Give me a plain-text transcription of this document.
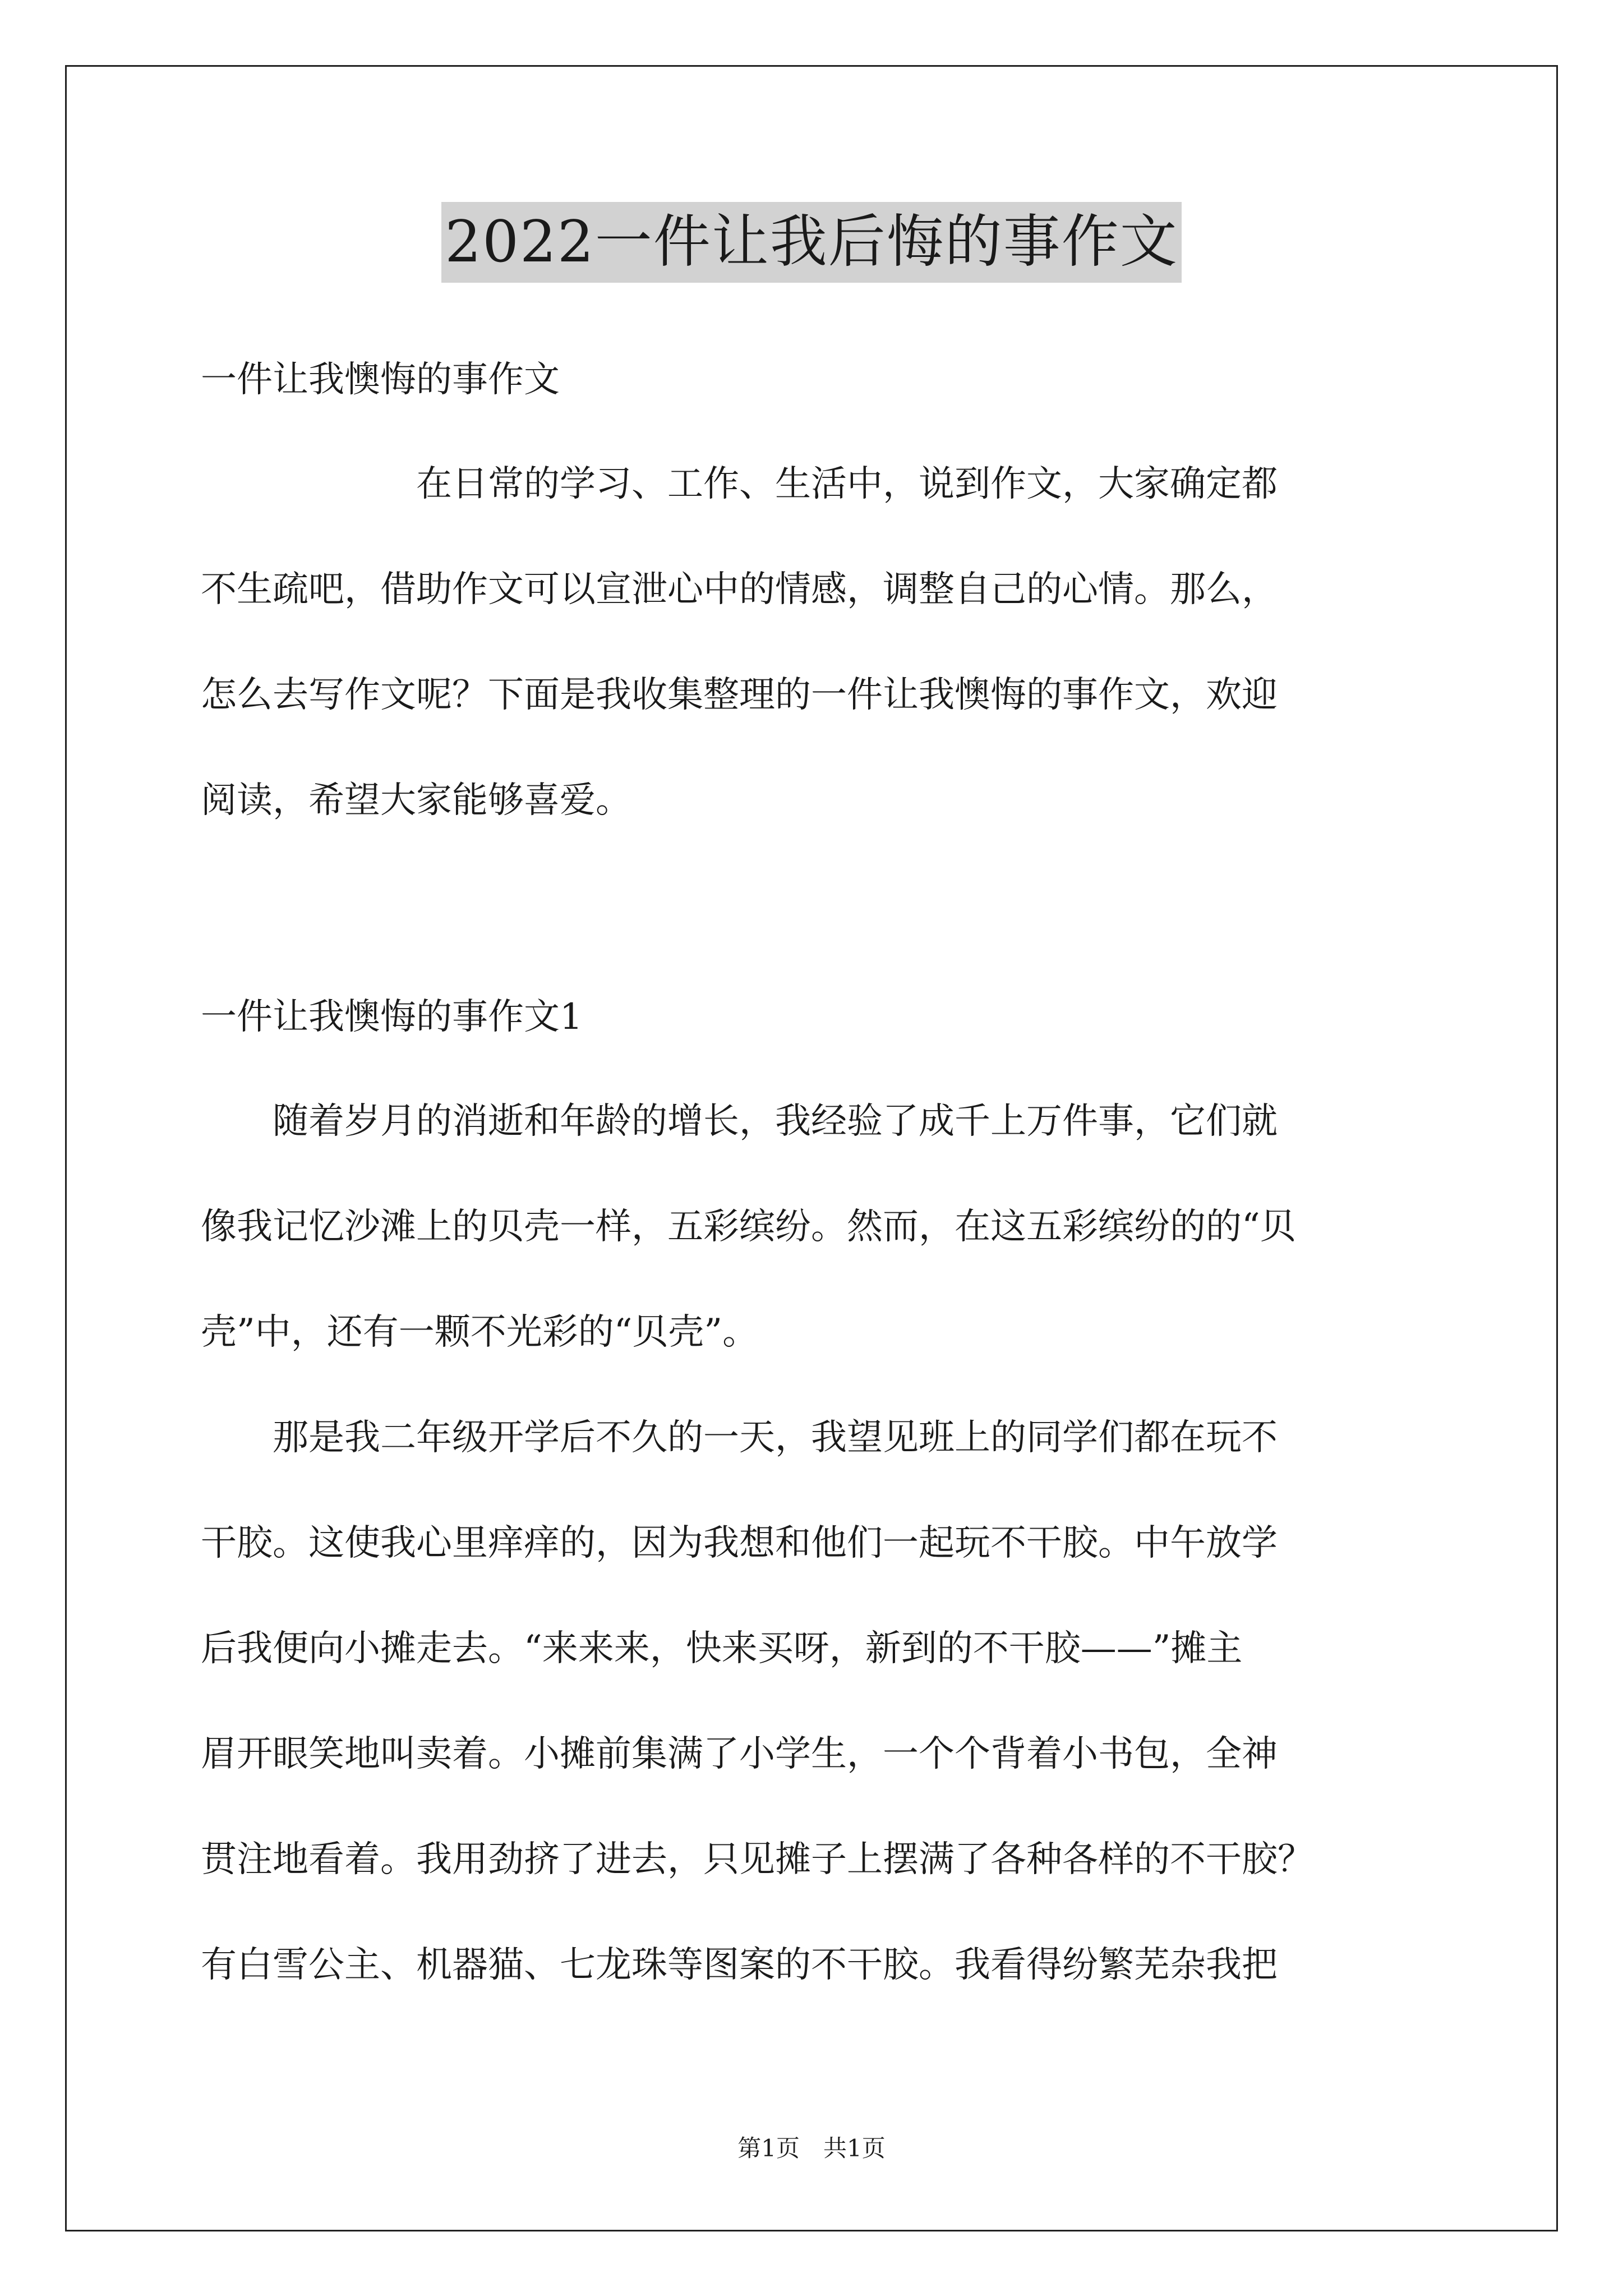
2022一件让我后悔的事作文
一件让我懊悔的事作文
　　　　　　在日常的学习、工作、生活中，说到作文，大家确定都
不生疏吧，借助作文可以宣泄心中的情感，调整自己的心情。那么，
怎么去写作文呢？下面是我收集整理的一件让我懊悔的事作文，欢迎
阅读，希望大家能够喜爱。
一件让我懊悔的事作文1
　　随着岁月的消逝和年龄的增长，我经验了成千上万件事，它们就
像我记忆沙滩上的贝壳一样，五彩缤纷。然而，在这五彩缤纷的的“贝
壳”中，还有一颗不光彩的“贝壳”。
　　那是我二年级开学后不久的一天，我望见班上的同学们都在玩不
干胶。这使我心里痒痒的，因为我想和他们一起玩不干胶。中午放学
后我便向小摊走去。“来来来，快来买呀，新到的不干胶——”摊主
眉开眼笑地叫卖着。小摊前集满了小学生，一个个背着小书包，全神
贯注地看着。我用劲挤了进去，只见摊子上摆满了各种各样的不干胶？
有白雪公主、机器猫、七龙珠等图案的不干胶。我看得纷繁芜杂我把
第1页　共1页
